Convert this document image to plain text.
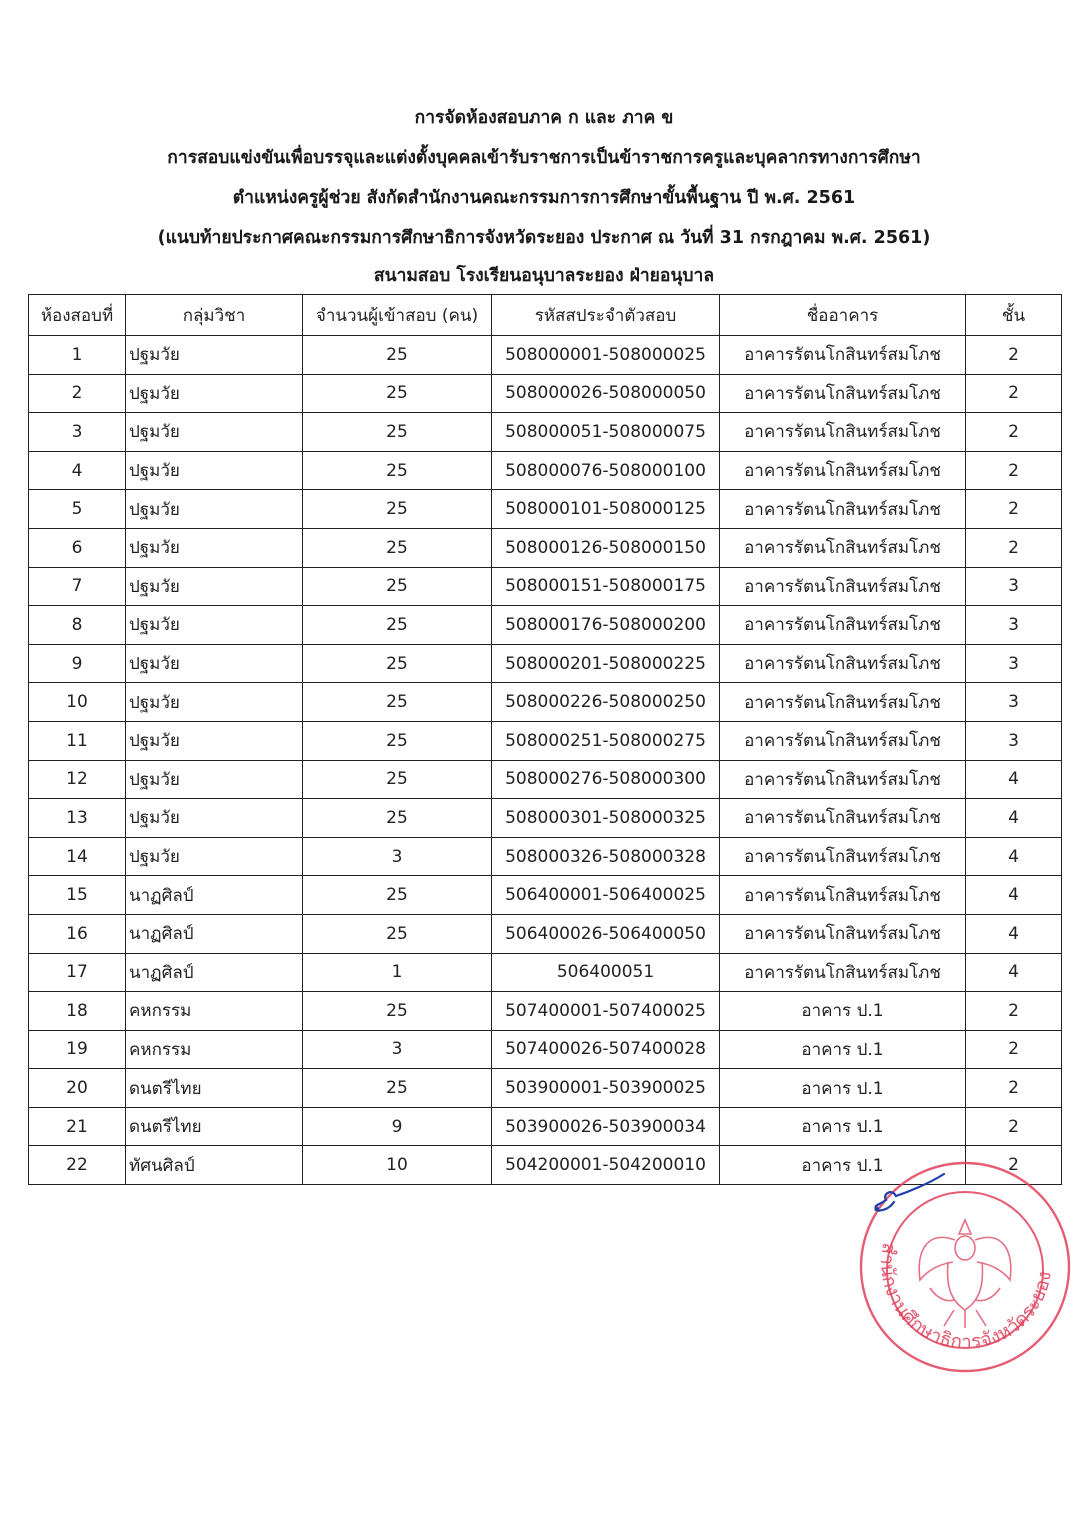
การจัดห้องสอบภาค ก และ ภาค ข
การสอบแข่งขันเพื่อบรรจุและแต่งตั้งบุคคลเข้ารับราชการเป็นข้าราชการครูและบุคลากรทางการศึกษา
ตำแหน่งครูผู้ช่วย สังกัดสำนักงานคณะกรรมการการศึกษาขั้นพื้นฐาน ปี พ.ศ. 2561
(แนบท้ายประกาศคณะกรรมการศึกษาธิการจังหวัดระยอง ประกาศ ณ วันที่ 31 กรกฎาคม พ.ศ. 2561)
สนามสอบ โรงเรียนอนุบาลระยอง ฝ่ายอนุบาล
ห้องสอบที่	กลุ่มวิชา	จำนวนผู้เข้าสอบ (คน)	รหัสสประจำตัวสอบ	ชื่ออาคาร	ชั้น
1	ปฐมวัย	25	508000001-508000025	อาคารรัตนโกสินทร์สมโภช	2
2	ปฐมวัย	25	508000026-508000050	อาคารรัตนโกสินทร์สมโภช	2
3	ปฐมวัย	25	508000051-508000075	อาคารรัตนโกสินทร์สมโภช	2
4	ปฐมวัย	25	508000076-508000100	อาคารรัตนโกสินทร์สมโภช	2
5	ปฐมวัย	25	508000101-508000125	อาคารรัตนโกสินทร์สมโภช	2
6	ปฐมวัย	25	508000126-508000150	อาคารรัตนโกสินทร์สมโภช	2
7	ปฐมวัย	25	508000151-508000175	อาคารรัตนโกสินทร์สมโภช	3
8	ปฐมวัย	25	508000176-508000200	อาคารรัตนโกสินทร์สมโภช	3
9	ปฐมวัย	25	508000201-508000225	อาคารรัตนโกสินทร์สมโภช	3
10	ปฐมวัย	25	508000226-508000250	อาคารรัตนโกสินทร์สมโภช	3
11	ปฐมวัย	25	508000251-508000275	อาคารรัตนโกสินทร์สมโภช	3
12	ปฐมวัย	25	508000276-508000300	อาคารรัตนโกสินทร์สมโภช	4
13	ปฐมวัย	25	508000301-508000325	อาคารรัตนโกสินทร์สมโภช	4
14	ปฐมวัย	3	508000326-508000328	อาคารรัตนโกสินทร์สมโภช	4
15	นาฏศิลป์	25	506400001-506400025	อาคารรัตนโกสินทร์สมโภช	4
16	นาฏศิลป์	25	506400026-506400050	อาคารรัตนโกสินทร์สมโภช	4
17	นาฏศิลป์	1	506400051	อาคารรัตนโกสินทร์สมโภช	4
18	คหกรรม	25	507400001-507400025	อาคาร ป.1	2
19	คหกรรม	3	507400026-507400028	อาคาร ป.1	2
20	ดนตรีไทย	25	503900001-503900025	อาคาร ป.1	2
21	ดนตรีไทย	9	503900026-503900034	อาคาร ป.1	2
22	ทัศนศิลป์	10	504200001-504200010	อาคาร ป.1	2
สำนักงานศึกษาธิการจังหวัดระยอง
